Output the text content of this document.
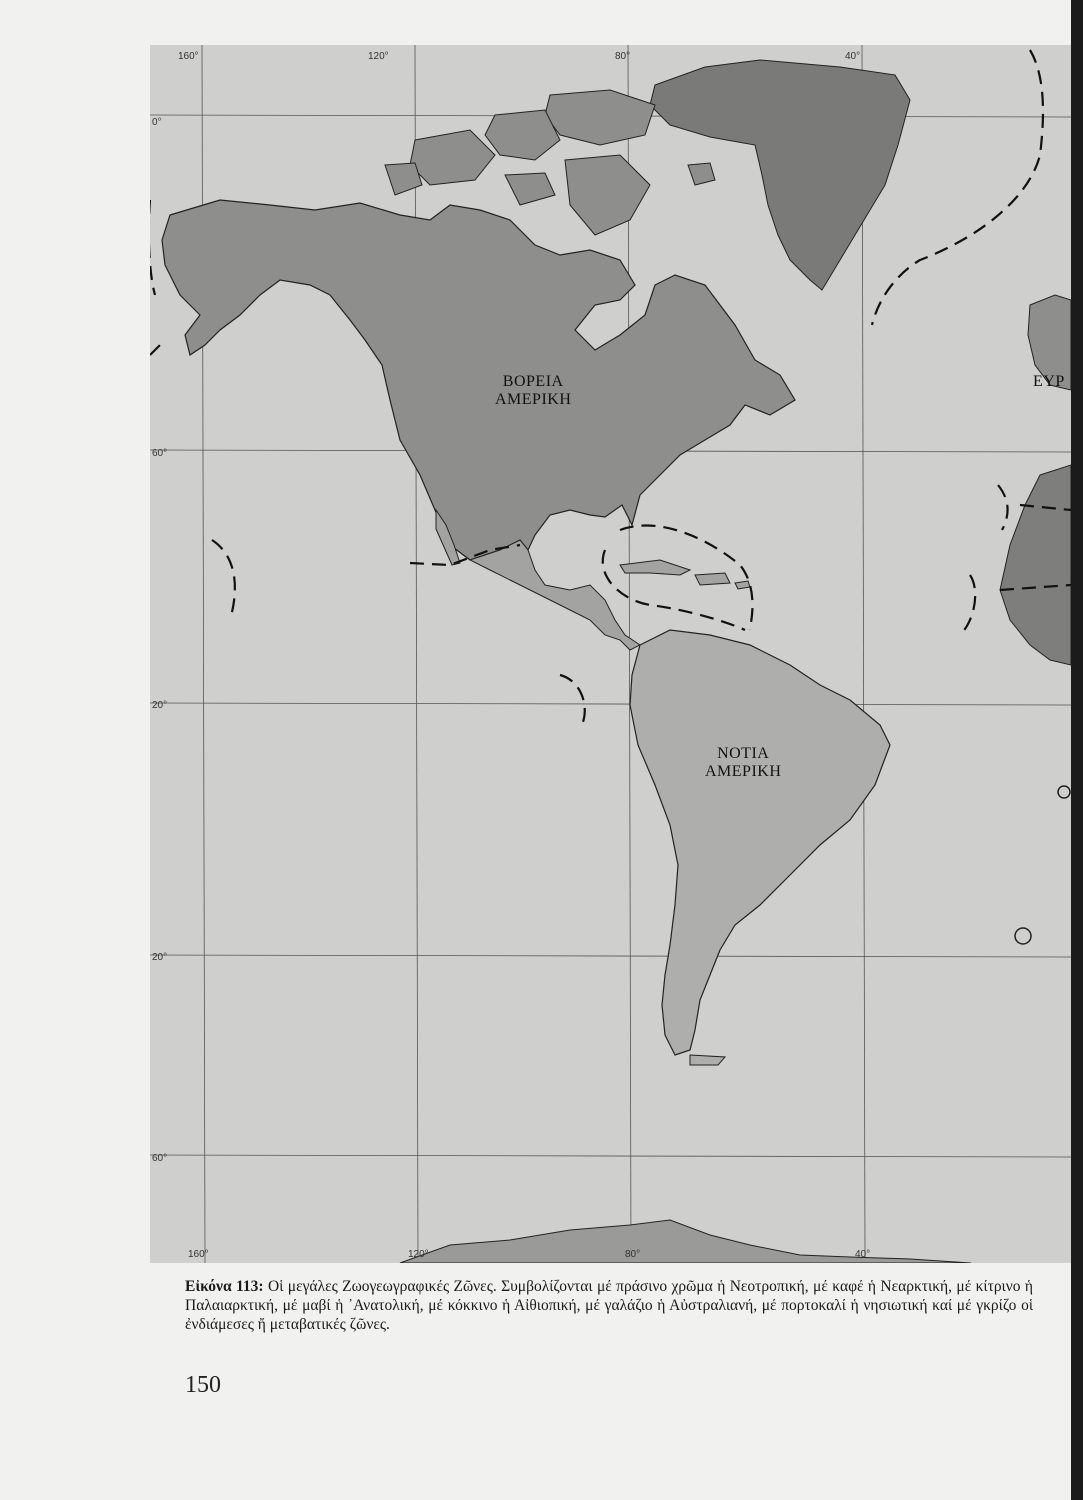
160°	120°	80°	40°
160°	120°	80°	40°
0°
60°
20°
20°
60°
ΒΟΡΕΙΑ
ΑΜΕΡΙΚΗ
ΝΟΤΙΑ
ΑΜΕΡΙΚΗ
ΕΥΡ
Εἰκόνα 113: Οἱ μεγάλες Ζωογεωγραφικές Ζῶνες. Συμβολίζονται μέ πράσινο χρῶμα ἡ Νεοτροπική, μέ καφέ ἡ Νεαρκτική, μέ κίτρινο ἡ Παλαιαρκτική, μέ μαβί ἡ ᾿Ανατολική, μέ κόκκινο ἡ Αἰθιοπική, μέ γαλάζιο ἡ Αὐστραλιανή, μέ πορτοκαλί ἡ νησιωτική καί μέ γκρίζο οἱ ἐνδιάμεσες ἤ μεταβατικές ζῶνες.
150
